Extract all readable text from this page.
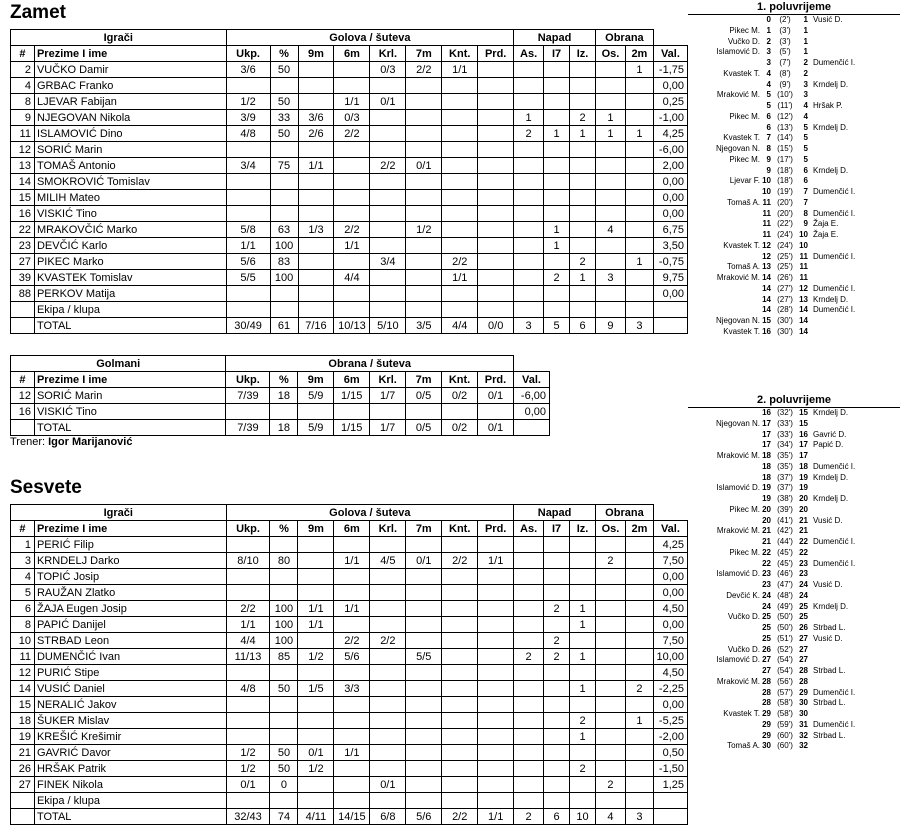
Zamet
Igrači		Golova / šuteva								Napad			Obrana		
#	Prezime I ime	Ukp.	%	9m	6m	Krl.	7m	Knt.	Prd.	As.	I7	Iz.	Os.	2m	Val.
2	VUČKO Damir	3/6	50			0/3	2/2	1/1						1	-1,75
4	GRBAC Franko														0,00
8	LJEVAR Fabijan	1/2	50		1/1	0/1									0,25
9	NJEGOVAN Nikola	3/9	33	3/6	0/3					1		2	1		-1,00
11	ISLAMOVIĆ Dino	4/8	50	2/6	2/2					2	1	1	1	1	4,25
12	SORIĆ Marin														-6,00
13	TOMAŠ Antonio	3/4	75	1/1		2/2	0/1								2,00
14	SMOKROVIĆ Tomislav														0,00
15	MILIH Mateo														0,00
16	VISKIĆ Tino														0,00
22	MRAKOVČIĆ Marko	5/8	63	1/3	2/2		1/2				1		4		6,75
23	DEVČIĆ Karlo	1/1	100		1/1						1				3,50
27	PIKEC Marko	5/6	83			3/4		2/2				2		1	-0,75
39	KVASTEK Tomislav	5/5	100		4/4			1/1			2	1	3		9,75
88	PERKOV Matija														0,00
	Ekipa / klupa														
	TOTAL	30/49	61	7/16	10/13	5/10	3/5	4/4	0/0	3	5	6	9	3	
Golmani		Obrana / šuteva								
#	Prezime I ime	Ukp.	%	9m	6m	Krl.	7m	Knt.	Prd.	Val.
12	SORIĆ Marin	7/39	18	5/9	1/15	1/7	0/5	0/2	0/1	-6,00
16	VISKIĆ Tino									0,00
	TOTAL	7/39	18	5/9	1/15	1/7	0/5	0/2	0/1	
Trener: Igor Marijanović
Sesvete
Igrači		Golova / šuteva								Napad			Obrana		
#	Prezime I ime	Ukp.	%	9m	6m	Krl.	7m	Knt.	Prd.	As.	I7	Iz.	Os.	2m	Val.
1	PERIĆ Filip														4,25
3	KRNDELJ Darko	8/10	80		1/1	4/5	0/1	2/2	1/1				2		7,50
4	TOPIĆ Josip														0,00
5	RAUŽAN Zlatko														0,00
6	ŽAJA Eugen Josip	2/2	100	1/1	1/1						2	1			4,50
8	PAPIĆ Danijel	1/1	100	1/1								1			0,00
10	STRBAD Leon	4/4	100		2/2	2/2					2				7,50
11	DUMENČIĆ Ivan	11/13	85	1/2	5/6		5/5			2	2	1			10,00
12	PURIĆ Stipe														4,50
14	VUSIĆ Daniel	4/8	50	1/5	3/3							1		2	-2,25
15	NERALIĆ Jakov														0,00
18	ŠUKER Mislav											2		1	-5,25
19	KREŠIĆ Krešimir											1			-2,00
21	GAVRIĆ Davor	1/2	50	0/1	1/1										0,50
26	HRŠAK Patrik	1/2	50	1/2								2			-1,50
27	FINEK Nikola	0/1	0			0/1							2		1,25
	Ekipa / klupa														
	TOTAL	32/43	74	4/11	14/15	6/8	5/6	2/2	1/1	2	6	10	4	3	
1. poluvrijeme
0	(2')	1 Vusić D.
Pikec M. 1	(3')	1
Vučko D. 2	(3')	1
Islamović D. 3	(5')	1
3	(7')	2 Dumenčić I.
Kvastek T. 4	(8')	2
4	(9')	3 Krndelj D.
Mraković M. 5 (10')	3
5 (11')	4 Hršak P.
Pikec M. 6 (12')	4
6 (13')	5 Krndelj D.
Kvastek T. 7 (14')	5
Njegovan N. 8 (15')	5
Pikec M. 9 (17')	5
9 (18')	6 Krndelj D.
Ljevar F. 10 (18')	6
10 (19')	7 Dumenčić I.
Tomaš A. 11 (20')	7
11 (20')	8 Dumenčić I.
11 (22')	9 Žaja E.
11 (24') 10 Žaja E.
Kvastek T. 12 (24') 10
12 (25') 11 Dumenčić I.
Tomaš A. 13 (25') 11
Mraković M. 14 (26') 11
14 (27') 12 Dumenčić I.
14 (27') 13 Krndelj D.
14 (28') 14 Dumenčić I.
Njegovan N. 15 (30') 14
Kvastek T. 16 (30') 14
2. poluvrijeme
16 (32') 15 Krndelj D.
Njegovan N. 17 (33') 15
17 (33') 16 Gavrić D.
17 (34') 17 Papić D.
Mraković M. 18 (35') 17
18 (35') 18 Dumenčić I.
18 (37') 19 Krndelj D.
Islamović D. 19 (37') 19
19 (38') 20 Krndelj D.
Pikec M. 20 (39') 20
20 (41') 21 Vusić D.
Mraković M. 21 (42') 21
21 (44') 22 Dumenčić I.
Pikec M. 22 (45') 22
22 (45') 23 Dumenčić I.
Islamović D. 23 (46') 23
23 (47') 24 Vusić D.
Devčić K. 24 (48') 24
24 (49') 25 Krndelj D.
Vučko D. 25 (50') 25
25 (50') 26 Strbad L.
25 (51') 27 Vusić D.
Vučko D. 26 (52') 27
Islamović D. 27 (54') 27
27 (54') 28 Strbad L.
Mraković M. 28 (56') 28
28 (57') 29 Dumenčić I.
28 (58') 30 Strbad L.
Kvastek T. 29 (58') 30
29 (59') 31 Dumenčić I.
29 (60') 32 Strbad L.
Tomaš A. 30 (60') 32
